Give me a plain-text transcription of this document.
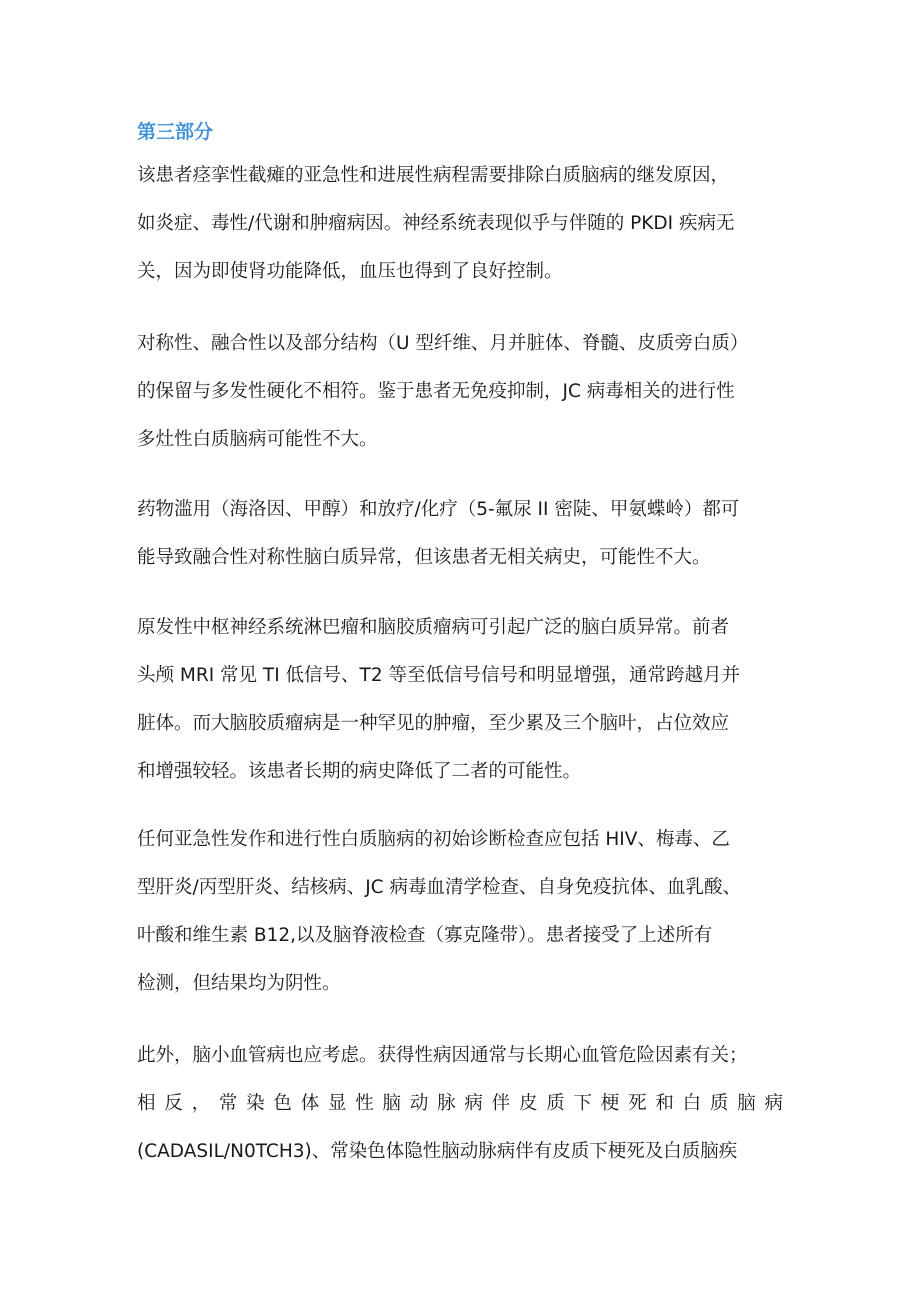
第三部分
该患者痉挛性截瘫的亚急性和进展性病程需要排除白质脑病的继发原因，
如炎症、毒性/代谢和肿瘤病因。神经系统表现似乎与伴随的 PKDI 疾病无
关，因为即使肾功能降低，血压也得到了良好控制。
对称性、融合性以及部分结构（U 型纤维、月并脏体、脊髓、皮质旁白质）
的保留与多发性硬化不相符。鉴于患者无免疫抑制，JC 病毒相关的进行性
多灶性白质脑病可能性不大。
药物滥用（海洛因、甲醇）和放疗/化疗（5-氟尿 II 密陡、甲氨蝶岭）都可
能导致融合性对称性脑白质异常，但该患者无相关病史，可能性不大。
原发性中枢神经系统淋巴瘤和脑胶质瘤病可引起广泛的脑白质异常。前者
头颅 MRI 常见 TI 低信号、T2 等至低信号信号和明显增强，通常跨越月并
脏体。而大脑胶质瘤病是一种罕见的肿瘤，至少累及三个脑叶，占位效应
和增强较轻。该患者长期的病史降低了二者的可能性。
任何亚急性发作和进行性白质脑病的初始诊断检查应包括 HIV、梅毒、乙
型肝炎/丙型肝炎、结核病、JC 病毒血清学检查、自身免疫抗体、血乳酸、
叶酸和维生素 B12,以及脑脊液检查（寡克隆带）。患者接受了上述所有
检测，但结果均为阴性。
此外，脑小血管病也应考虑。获得性病因通常与长期心血管危险因素有关；
相反，常染色体显性脑动脉病伴皮质下梗死和白质脑病
(CADASIL/N0TCH3)、常染色体隐性脑动脉病伴有皮质下梗死及白质脑疾
